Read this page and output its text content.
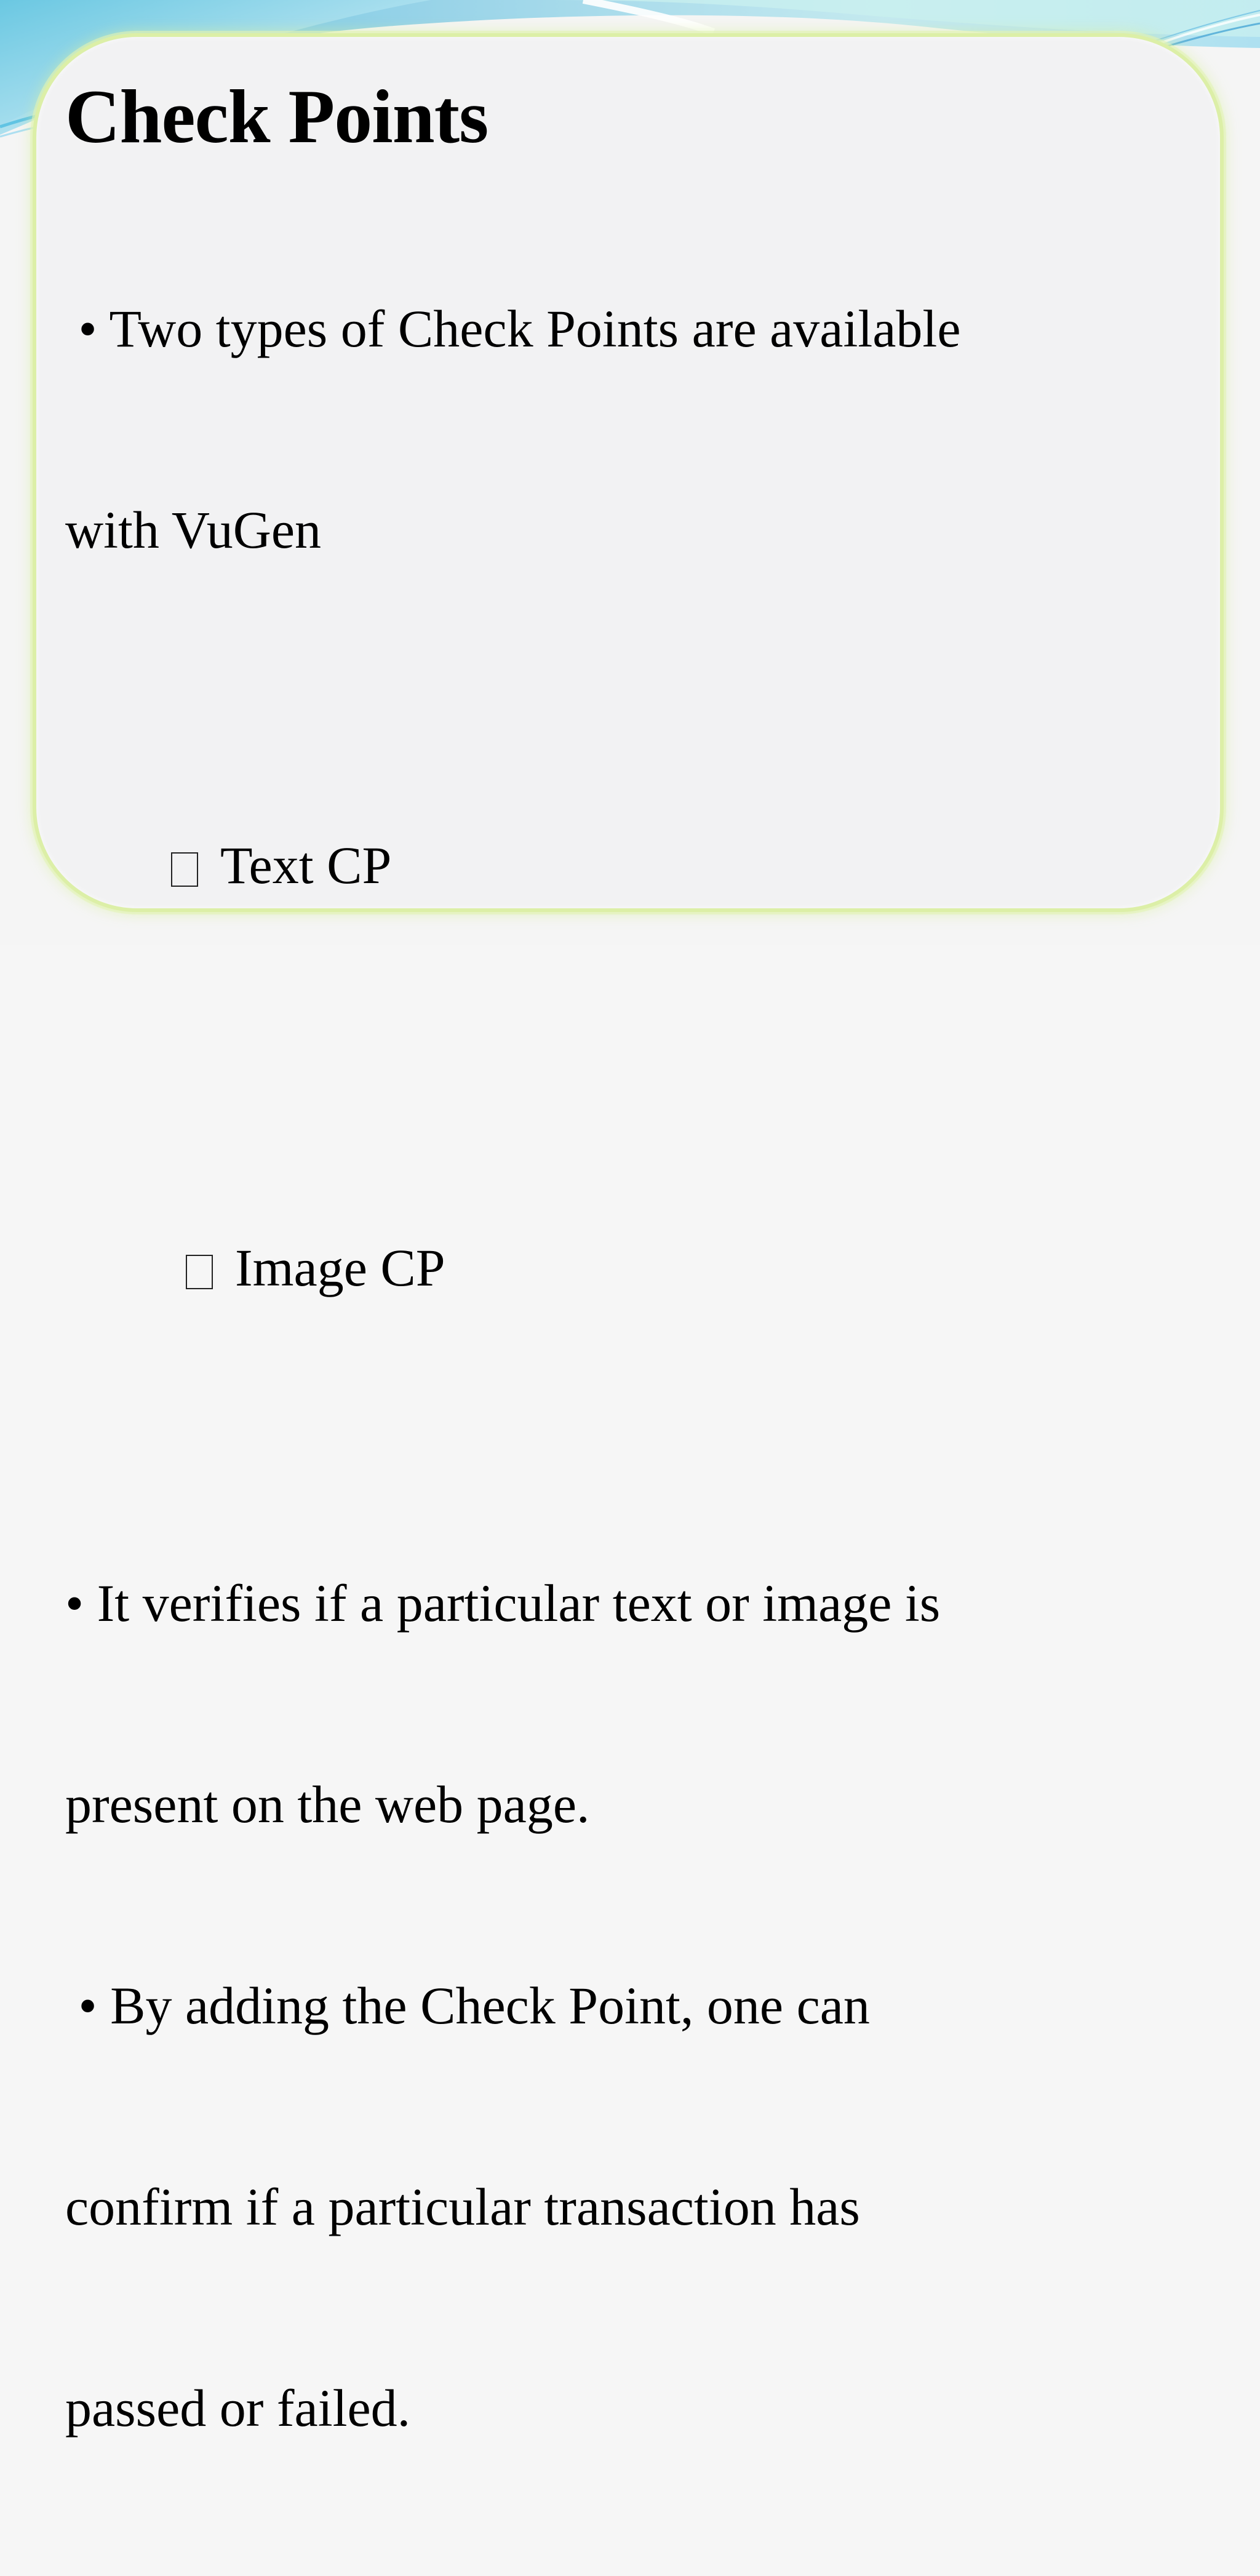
Check Points

• Two types of Check Points are available

with VuGen

Text CP

Image CP

• It verifies if a particular text or image is

present on the web page.

• By adding the Check Point, one can

confirm if a particular transaction has

passed or failed.
